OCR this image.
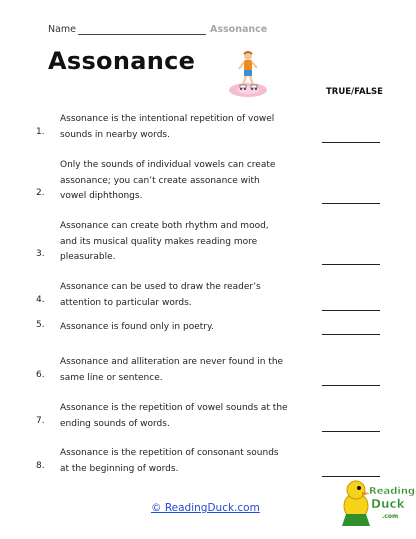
Name	Assonance
Assonance
TRUE/FALSE
Assonance is the intentional repetition of vowel
sounds in nearby words.
1.
Only the sounds of individual vowels can create
assonance; you can’t create assonance with
vowel diphthongs.
2.
Assonance can create both rhythm and mood,
and its musical quality makes reading more
pleasurable.
3.
Assonance can be used to draw the reader’s
attention to particular words.
4.
Assonance is found only in poetry.
5.
Assonance and alliteration are never found in the
same line or sentence.
6.
Assonance is the repetition of vowel sounds at the
ending sounds of words.
7.
Assonance is the repetition of consonant sounds
at the beginning of words.
8.
© ReadingDuck.com
Reading
Duck
.com
